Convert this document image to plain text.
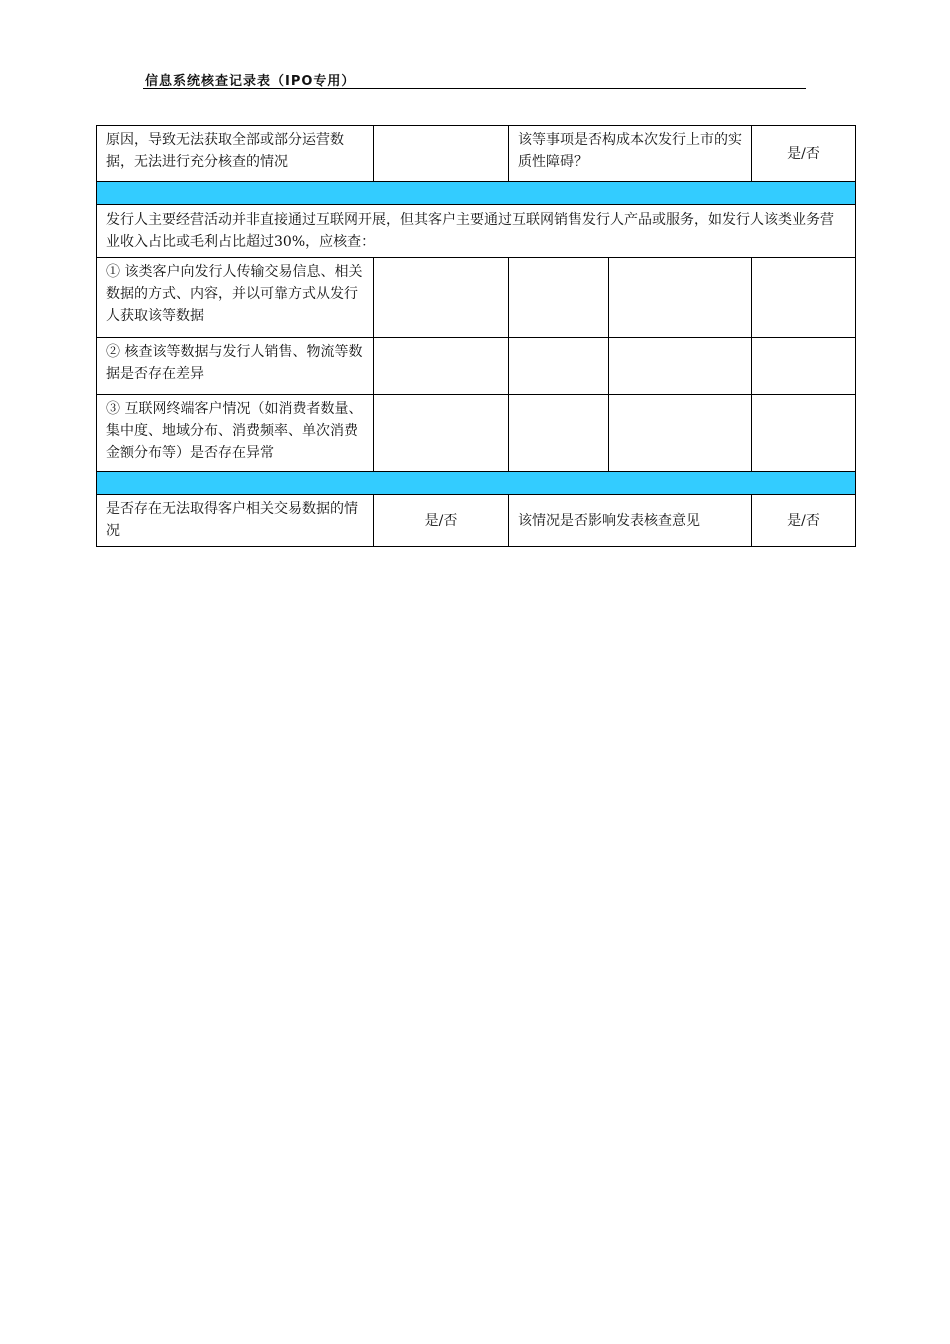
信息系统核查记录表（IPO专用）
原因，导致无法获取全部或部分运营数据，无法进行充分核查的情况		该等事项是否构成本次发行上市的实质性障碍？		是/否

发行人主要经营活动并非直接通过互联网开展，但其客户主要通过互联网销售发行人产品或服务，如发行人该类业务营业收入占比或毛利占比超过30%，应核查：				
① 该类客户向发行人传输交易信息、相关数据的方式、内容，并以可靠方式从发行人获取该等数据				
② 核查该等数据与发行人销售、物流等数据是否存在差异				
③ 互联网终端客户情况（如消费者数量、集中度、地域分布、消费频率、单次消费金额分布等）是否存在异常				

是否存在无法取得客户相关交易数据的情况	是/否	该情况是否影响发表核查意见		是/否
